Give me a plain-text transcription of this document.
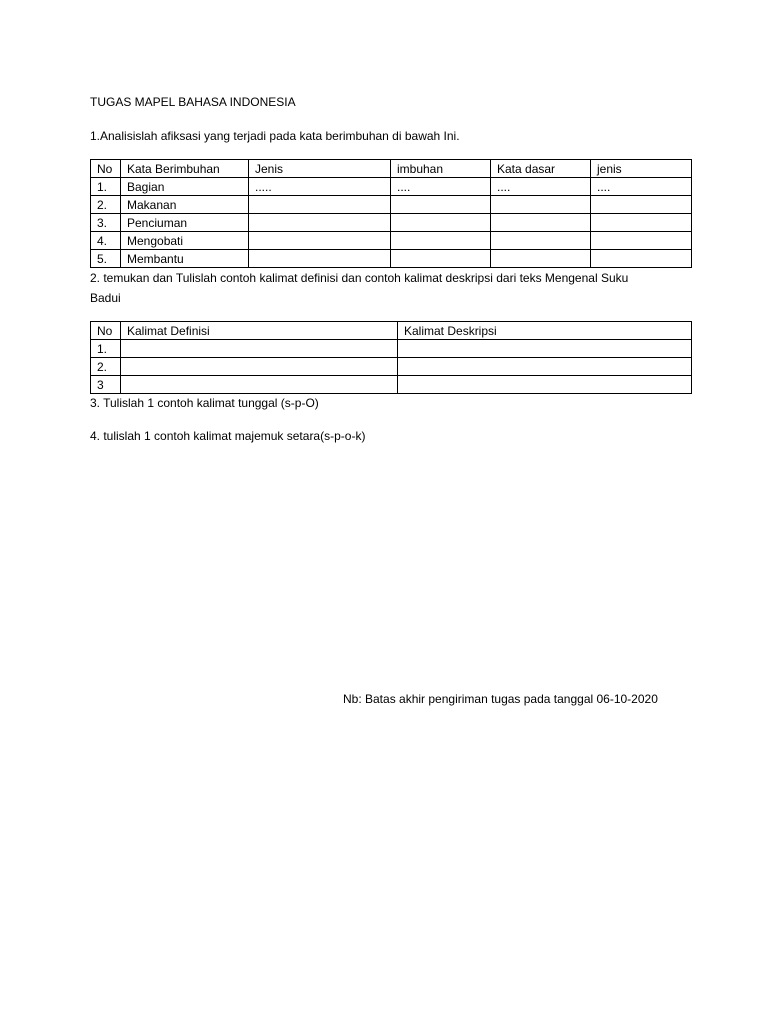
TUGAS MAPEL BAHASA INDONESIA
1.Analisislah afiksasi yang terjadi pada kata berimbuhan di bawah Ini.
No	Kata Berimbuhan	Jenis	imbuhan	Kata dasar	jenis
1.	Bagian	.....	....	....	....
2.	Makanan				
3.	Penciuman				
4.	Mengobati				
5.	Membantu				
2. temukan dan Tulislah contoh kalimat definisi dan contoh kalimat deskripsi dari teks Mengenal Suku
Badui
No	Kalimat Definisi	Kalimat Deskripsi
1.		
2.		
3		
3. Tulislah 1 contoh kalimat tunggal (s-p-O)
4. tulislah 1 contoh kalimat majemuk setara(s-p-o-k)
Nb: Batas akhir pengiriman tugas pada tanggal 06-10-2020
